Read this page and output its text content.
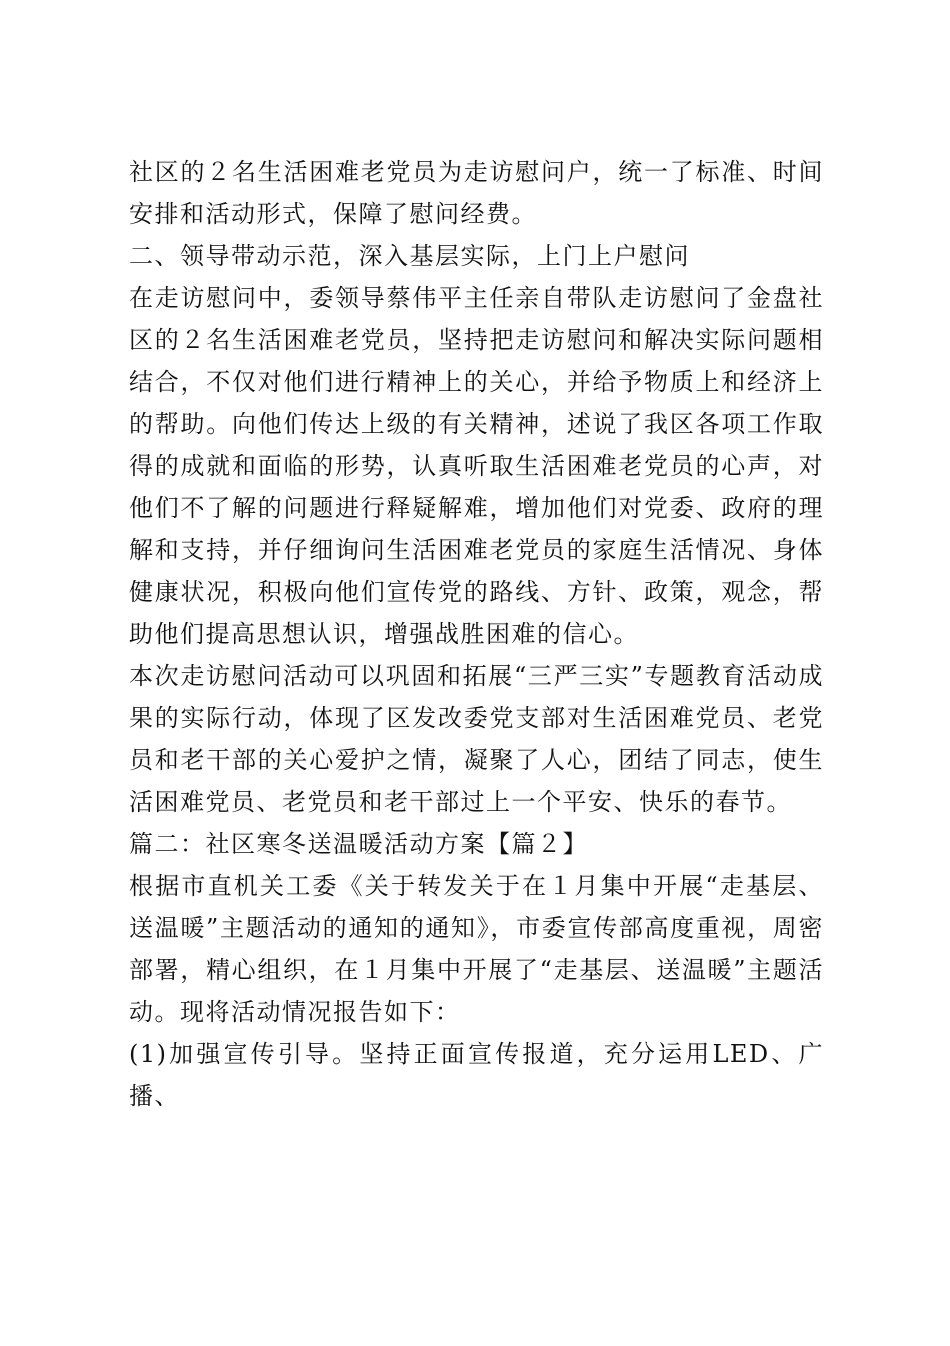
社区的２名生活困难老党员为走访慰问户，统一了标准、时间安排和活动形式，保障了慰问经费。

二、领导带动示范，深入基层实际，上门上户慰问

在走访慰问中，委领导蔡伟平主任亲自带队走访慰问了金盘社区的２名生活困难老党员，坚持把走访慰问和解决实际问题相结合，不仅对他们进行精神上的关心，并给予物质上和经济上的帮助。向他们传达上级的有关精神，述说了我区各项工作取得的成就和面临的形势，认真听取生活困难老党员的心声，对他们不了解的问题进行释疑解难，增加他们对党委、政府的理解和支持，并仔细询问生活困难老党员的家庭生活情况、身体健康状况，积极向他们宣传党的路线、方针、政策，观念，帮助他们提高思想认识，增强战胜困难的信心。

本次走访慰问活动可以巩固和拓展“三严三实”专题教育活动成果的实际行动，体现了区发改委党支部对生活困难党员、老党员和老干部的关心爱护之情，凝聚了人心，团结了同志，使生活困难党员、老党员和老干部过上一个平安、快乐的春节。

篇二：社区寒冬送温暖活动方案【篇２】

根据市直机关工委《关于转发关于在１月集中开展“走基层、送温暖”主题活动的通知的通知》，市委宣传部高度重视，周密部署，精心组织，在１月集中开展了“走基层、送温暖”主题活动。现将活动情况报告如下：

(1)加强宣传引导。坚持正面宣传报道，充分运用LED、广播、
